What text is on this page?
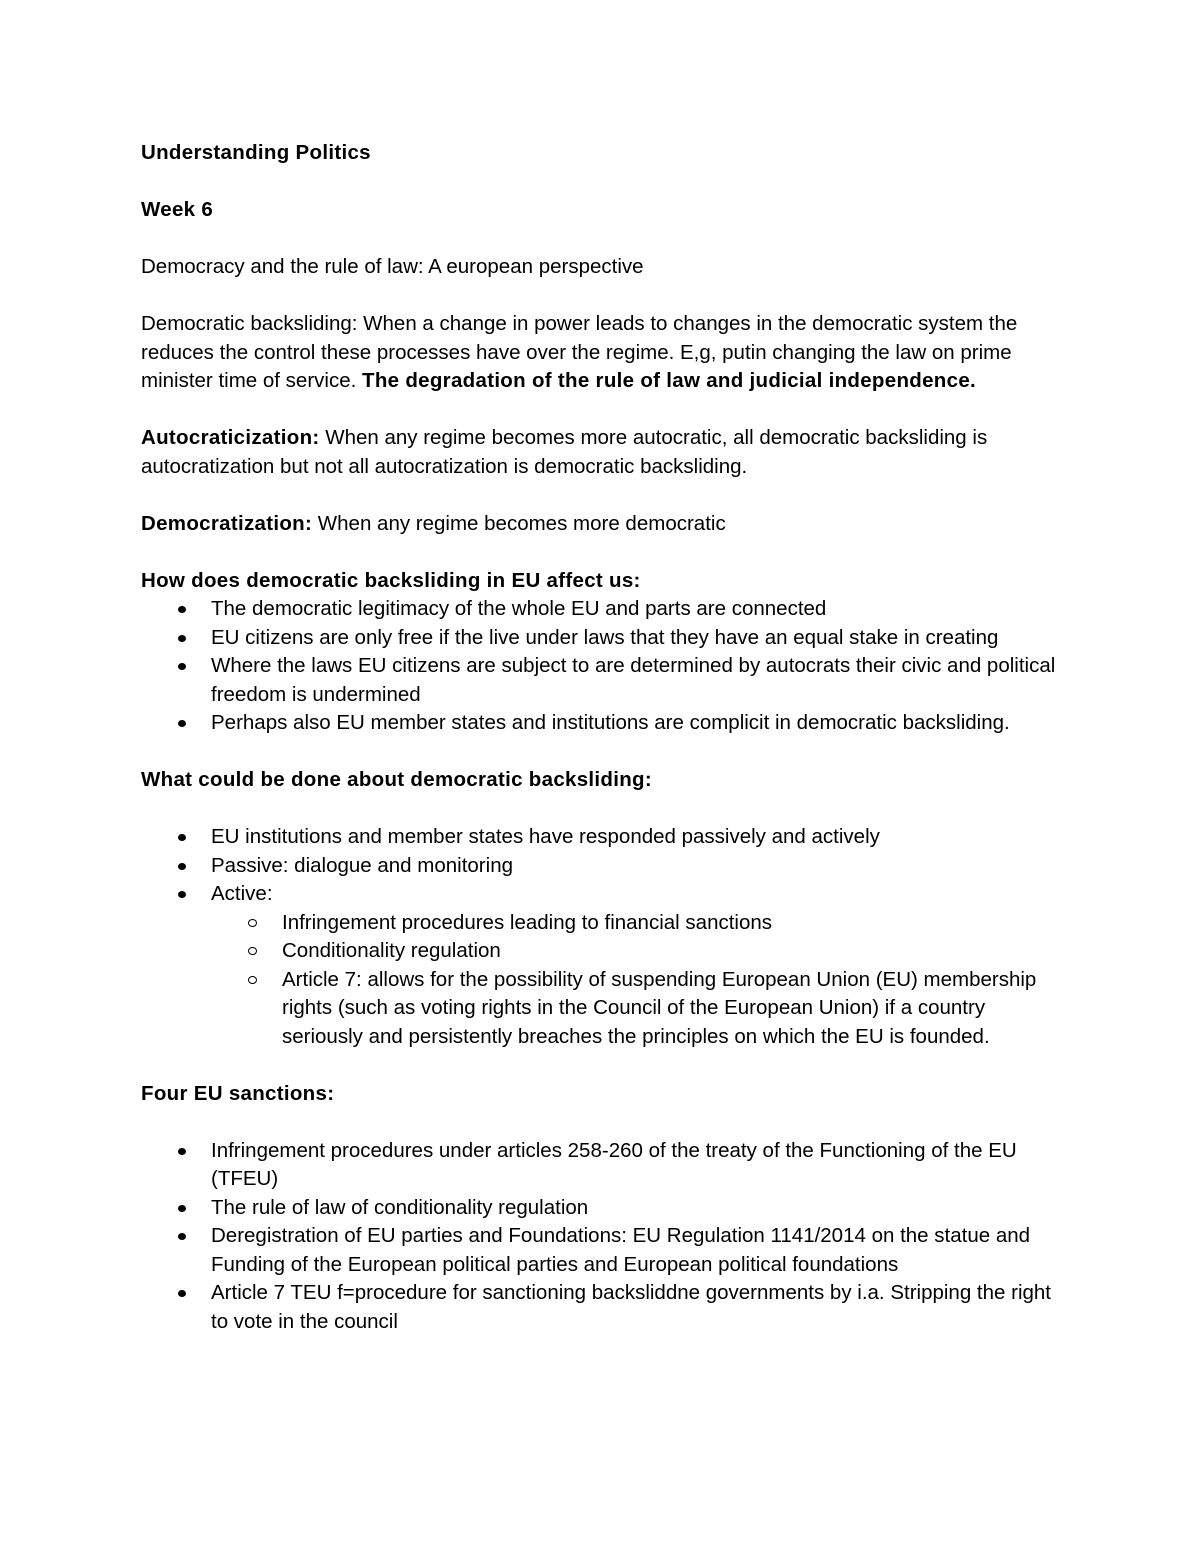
Understanding Politics

Week 6

Democracy and the rule of law: A european perspective

Democratic backsliding: When a change in power leads to changes in the democratic system the reduces the control these processes have over the regime. E,g, putin changing the law on prime minister time of service. The degradation of the rule of law and judicial independence.

Autocraticization: When any regime becomes more autocratic, all democratic backsliding is autocratization but not all autocratization is democratic backsliding.

Democratization: When any regime becomes more democratic

How does democratic backsliding in EU affect us:

The democratic legitimacy of the whole EU and parts are connected
EU citizens are only free if the live under laws that they have an equal stake in creating
Where the laws EU citizens are subject to are determined by autocrats their civic and political freedom is undermined
Perhaps also EU member states and institutions are complicit in democratic backsliding.

What could be done about democratic backsliding:

EU institutions and member states have responded passively and actively
Passive: dialogue and monitoring
Active:
Infringement procedures leading to financial sanctions
Conditionality regulation
Article 7: allows for the possibility of suspending European Union (EU) membership rights (such as voting rights in the Council of the European Union) if a country seriously and persistently breaches the principles on which the EU is founded.

Four EU sanctions:

Infringement procedures under articles 258-260 of the treaty of the Functioning of the EU (TFEU)
The rule of law of conditionality regulation
Deregistration of EU parties and Foundations: EU Regulation 1141/2014 on the statue and Funding of the European political parties and European political foundations
Article 7 TEU f=procedure for sanctioning backsliddne governments by i.a. Stripping the right to vote in the council
